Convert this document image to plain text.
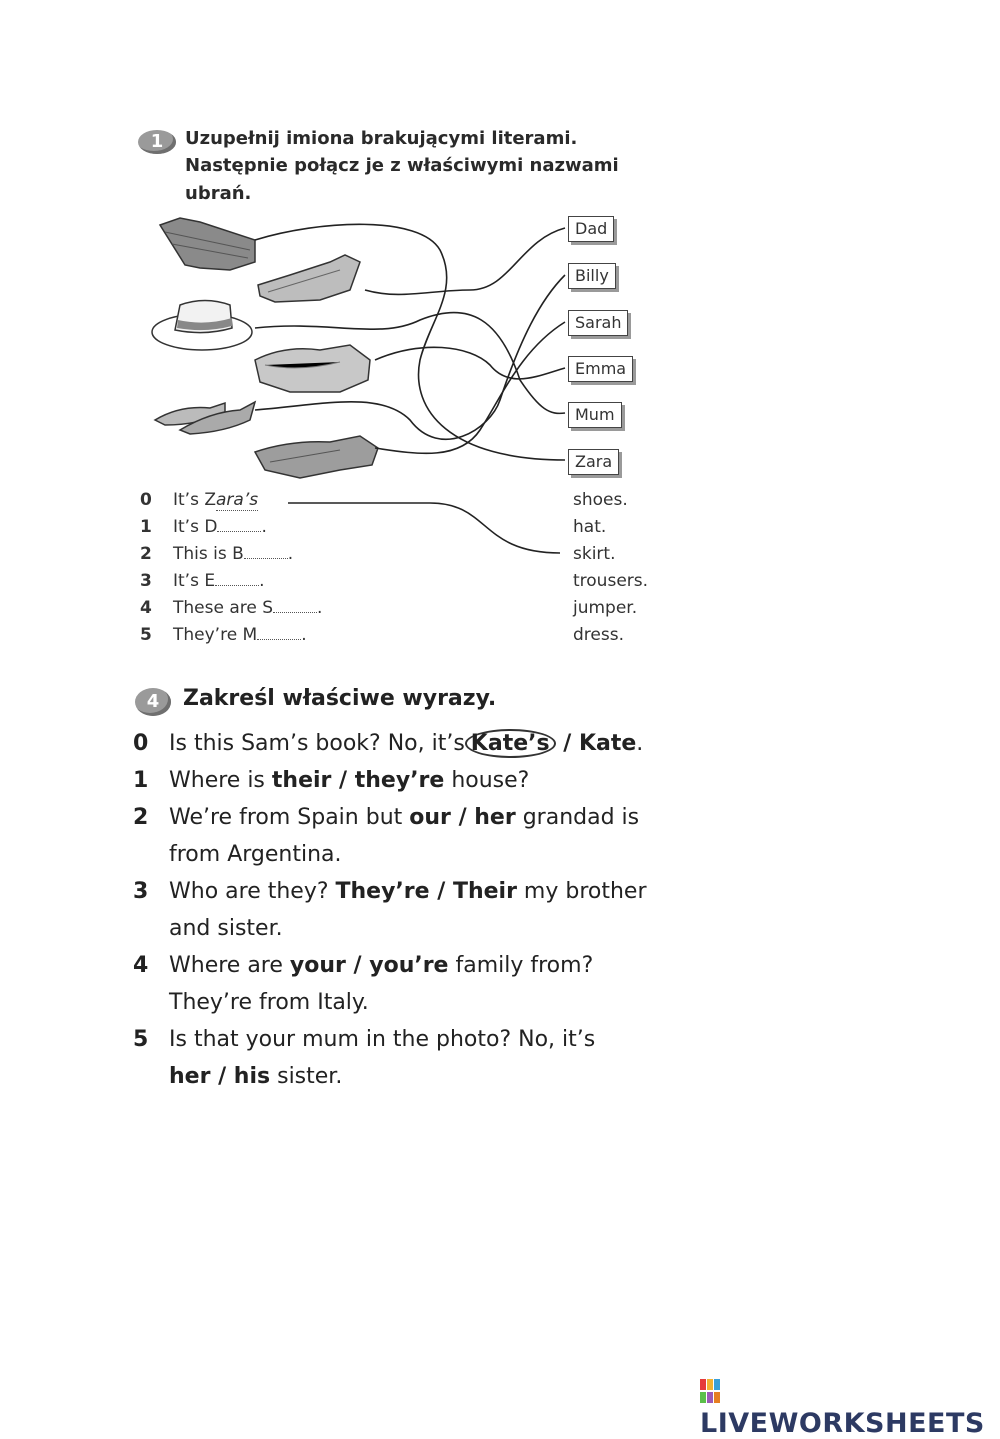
1	Uzupełnij imiona brakującymi literami.
Następnie połącz je z właściwymi nazwami
ubrań.
Dad
Billy
Sarah
Emma
Mum
Zara
0 It’s Zara’s
1 It’s D	.
2 This is B	.
3 It’s E	.
4 These are S	.
5 They’re M	.
shoes.
hat.
skirt.
trousers.
jumper.
dress.
4	Zakreśl właściwe wyrazy.
0 Is this Sam’s book? No, it’s Kate’s / Kate.
1 Where is their / they’re house?
2 We’re from Spain but our / her grandad is
from Argentina.
3 Who are they? They’re / Their my brother
and sister.
4 Where are your / you’re family from?
They’re from Italy.
5 Is that your mum in the photo? No, it’s
her / his sister.
LIVEWORKSHEETS
